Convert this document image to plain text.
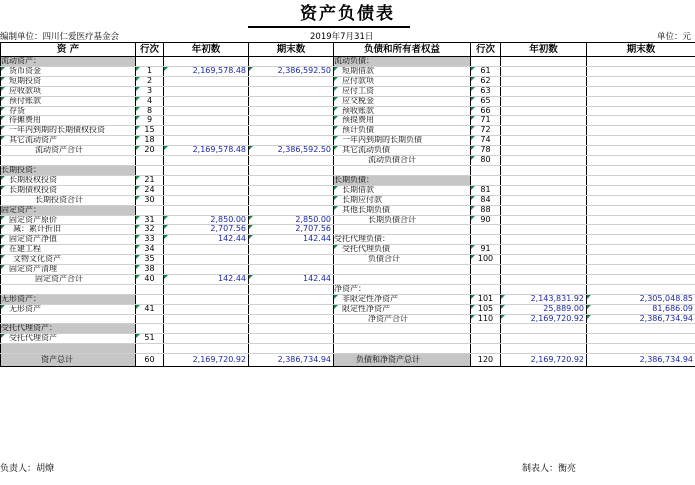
资产负债表
编制单位：四川仁爱医疗基金会	2019年7月31日	单位：元
资 产	行次	年初数	期末数	负债和所有者权益	行次	年初数	期末数
流动资产：				流动负债：			
货币资金	1	2,169,578.48	2,386,592.50	短期借款	61		
短期投资	2			应付款项	62		
应收款项	3			应付工资	63		
预付账款	4			应交税金	65		
存货	8			预收账款	66		
待摊费用	9			预提费用	71		
一年内到期的长期债权投资	15			预计负债	72		
其它流动资产	18			一年内到期的长期负债	74		
流动资产合计	20	2,169,578.48	2,386,592.50	其它流动负债	78		
				流动负债合计	80		
长期投资：							
长期股权投资	21			长期负债：			
长期债权投资	24			长期借款	81		
长期投资合计	30			长期应付款	84		
固定资产：				其他长期负债	88		
固定资产原价	31	2,850.00	2,850.00	长期负债合计	90		
减：累计折旧	32	2,707.56	2,707.56				
固定资产净值	33	142.44	142.44	受托代理负债：			
在建工程	34			受托代理负债	91		
文物文化资产	35			负债合计	100		
固定资产清理	38						
固定资产合计	40	142.44	142.44				
				净资产：			
无形资产：				非限定性净资产	101	2,143,831.92	2,305,048.85
无形资产	41			限定性净资产	105	25,889.00	81,686.09
				净资产合计	110	2,169,720.92	2,386,734.94
受托代理资产：							
受托代理资产	51						

资产总计	60	2,169,720.92	2,386,734.94	负债和净资产总计	120	2,169,720.92	2,386,734.94
负责人：胡燎	制表人：衡亮
